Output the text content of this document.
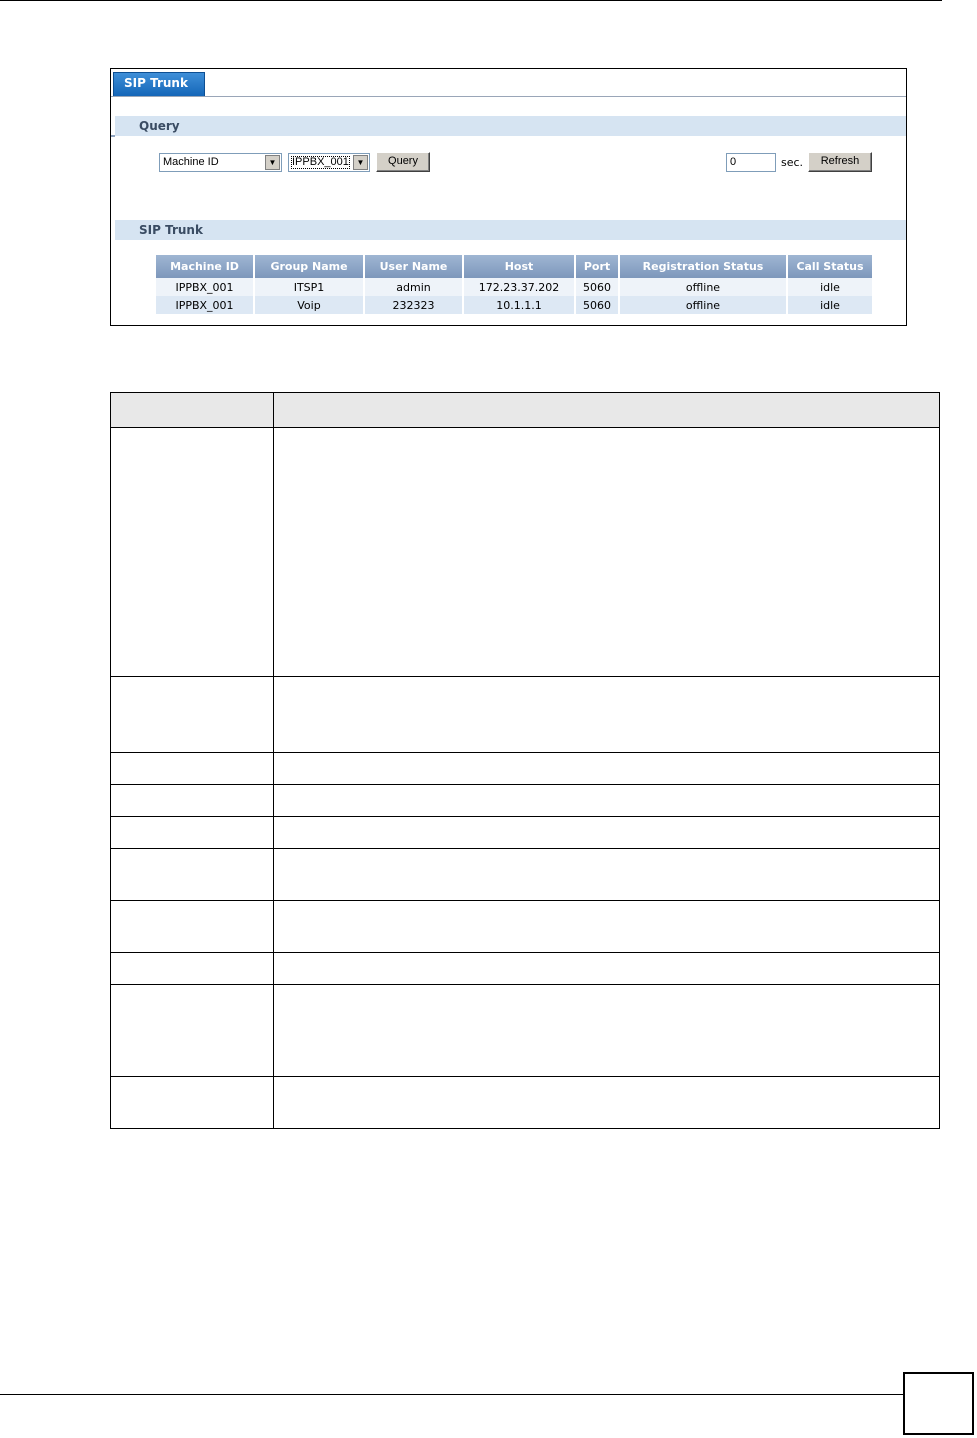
SIP Trunk
Query
Machine ID	▼	IPPBX_001 ▼	Query	0	sec.	Refresh
SIP Trunk
Machine ID	Group Name	User Name	Host	Port	Registration Status	Call Status
IPPBX_001	ITSP1	admin	172.23.37.202	5060	offline	idle
IPPBX_001	Voip	232323	10.1.1.1	5060	offline	idle
